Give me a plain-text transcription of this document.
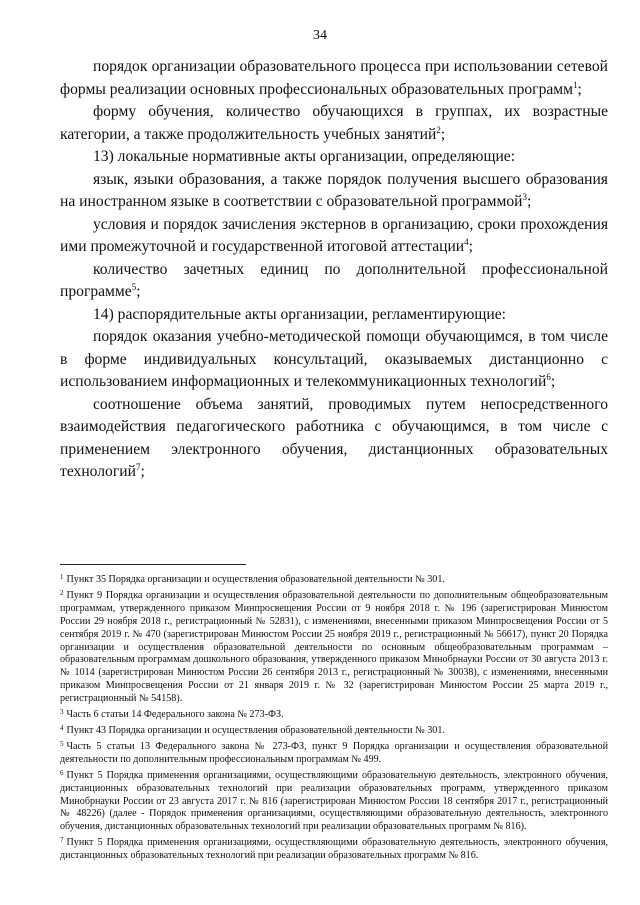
34

порядок организации образовательного процесса при использовании сетевой формы реализации основных профессиональных образовательных программ$^1$;

форму обучения, количество обучающихся в группах, их возрастные категории, а также продолжительность учебных занятий$^2$;

13) локальные нормативные акты организации, определяющие:

язык, языки образования, а также порядок получения высшего образования на иностранном языке в соответствии с образовательной программой$^3$;

условия и порядок зачисления экстернов в организацию, сроки прохождения ими промежуточной и государственной итоговой аттестации$^4$;

количество зачетных единиц по дополнительной профессиональной программе$^5$;

14) распорядительные акты организации, регламентирующие:

порядок оказания учебно-методической помощи обучающимся, в том числе в форме индивидуальных консультаций, оказываемых дистанционно с использованием информационных и телекоммуникационных технологий$^6$;

соотношение объема занятий, проводимых путем непосредственного взаимодействия педагогического работника с обучающимся, в том числе с применением электронного обучения, дистанционных образовательных технологий$^7$;

$^1$ Пункт 35 Порядка организации и осуществления образовательной деятельности № 301.

$^2$ Пункт 9 Порядка организации и осуществления образовательной деятельности по дополнительным общеобразовательным программам, утвержденного приказом Минпросвещения России от 9 ноября 2018 г. № 196 (зарегистрирован Минюстом России 29 ноября 2018 г., регистрационный № 52831), с изменениями, внесенными приказом Минпросвещения России от 5 сентября 2019 г. № 470 (зарегистрирован Минюстом России 25 ноября 2019 г., регистрационный № 56617), пункт 20 Порядка организации и осуществления образовательной деятельности по основным общеобразовательным программам – образовательным программам дошкольного образования, утвержденного приказом Минобрнауки России от 30 августа 2013 г. № 1014 (зарегистрирован Минюстом России 26 сентября 2013 г., регистрационный № 30038), с изменениями, внесенными приказом Минпросвещения России от 21 января 2019 г. № 32 (зарегистрирован Минюстом России 25 марта 2019 г., регистрационный № 54158).

$^3$ Часть 6 статьи 14 Федерального закона № 273-ФЗ.

$^4$ Пункт 43 Порядка организации и осуществления образовательной деятельности № 301.

$^5$ Часть 5 статьи 13 Федерального закона № 273-ФЗ, пункт 9 Порядка организации и осуществления образовательной деятельности по дополнительным профессиональным программам № 499.

$^6$ Пункт 5 Порядка применения организациями, осуществляющими образовательную деятельность, электронного обучения, дистанционных образовательных технологий при реализации образовательных программ, утвержденного приказом Минобрнауки России от 23 августа 2017 г. № 816 (зарегистрирован Минюстом России 18 сентября 2017 г., регистрационный № 48226) (далее - Порядок применения организациями, осуществляющими образовательную деятельность, электронного обучения, дистанционных образовательных технологий при реализации образовательных программ № 816).

$^7$ Пункт 5 Порядка применения организациями, осуществляющими образовательную деятельность, электронного обучения, дистанционных образовательных технологий при реализации образовательных программ № 816.
